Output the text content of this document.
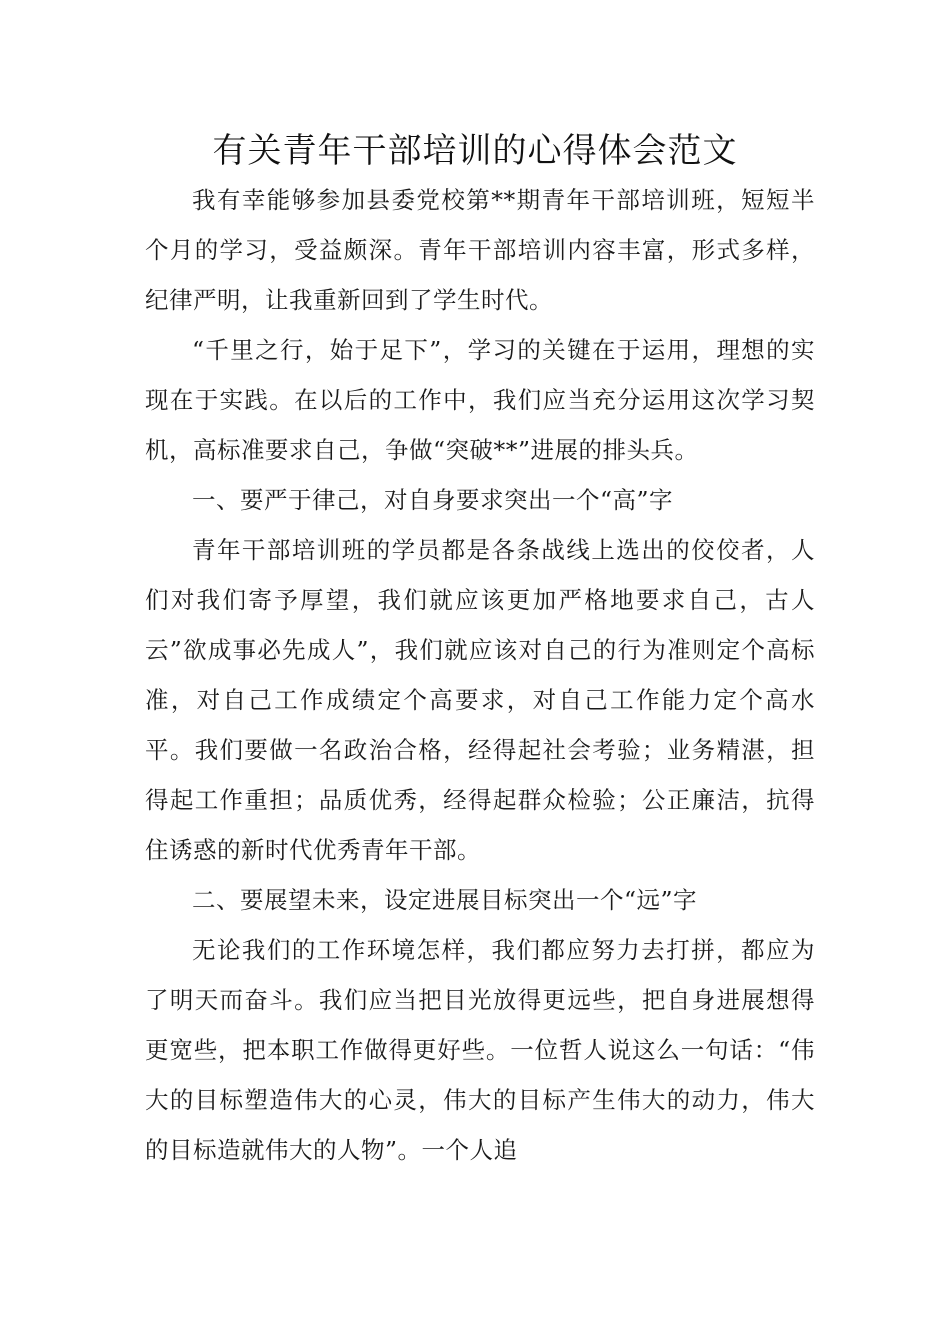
有关青年干部培训的心得体会范文

我有幸能够参加县委党校第**期青年干部培训班，短短半个月的学习，受益颇深。青年干部培训内容丰富，形式多样，纪律严明，让我重新回到了学生时代。

“千里之行，始于足下”，学习的关键在于运用，理想的实现在于实践。在以后的工作中，我们应当充分运用这次学习契机，高标准要求自己，争做“突破**”进展的排头兵。

一、要严于律己，对自身要求突出一个“高”字

青年干部培训班的学员都是各条战线上选出的佼佼者，人们对我们寄予厚望，我们就应该更加严格地要求自己，古人云”欲成事必先成人”，我们就应该对自己的行为准则定个高标准，对自己工作成绩定个高要求，对自己工作能力定个高水平。我们要做一名政治合格，经得起社会考验；业务精湛，担得起工作重担；品质优秀，经得起群众检验；公正廉洁，抗得住诱惑的新时代优秀青年干部。

二、要展望未来，设定进展目标突出一个“远”字

无论我们的工作环境怎样，我们都应努力去打拼，都应为了明天而奋斗。我们应当把目光放得更远些，把自身进展想得更宽些，把本职工作做得更好些。一位哲人说这么一句话：“伟大的目标塑造伟大的心灵，伟大的目标产生伟大的动力，伟大的目标造就伟大的人物”。一个人追
